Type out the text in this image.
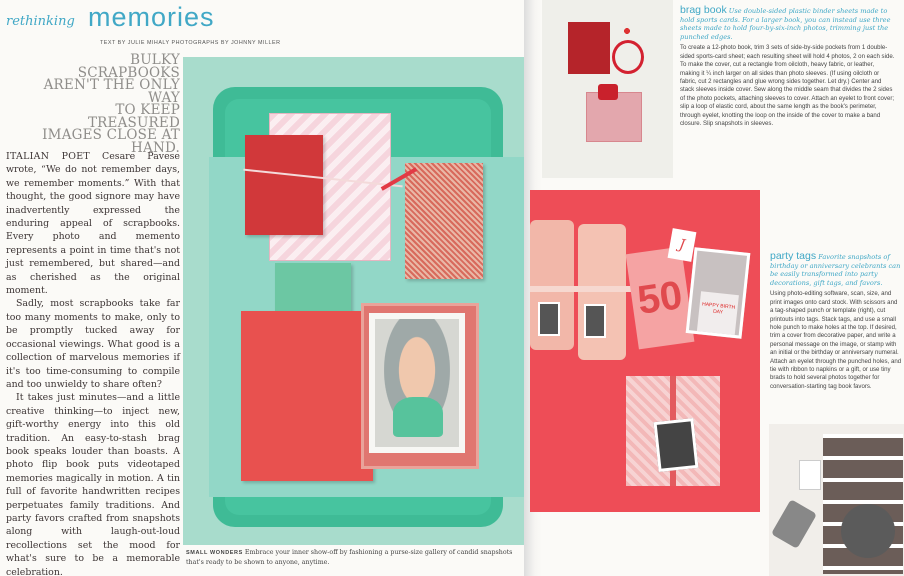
rethinking memories
TEXT BY JULIE MIHALY PHOTOGRAPHS BY JOHNNY MILLER
BULKY SCRAPBOOKS
AREN'T THE ONLY WAY
TO KEEP TREASURED
IMAGES CLOSE AT HAND.

ITALIAN POET Cesare Pavese wrote, “We do not remember days, we remember moments.” With that thought, the good signore may have inadvertently expressed the enduring appeal of scrapbooks. Every photo and memento represents a point in time that's not just remembered, but shared—and as cherished as the original moment.

Sadly, most scrapbooks take far too many moments to make, only to be promptly tucked away for occasional viewings. What good is a collection of marvelous memories if it's too time-consuming to compile and too unwieldy to share often?

It takes just minutes—and a little creative thinking—to inject new, gift-worthy energy into this old tradition. An easy-to-stash brag book speaks louder than boasts. A photo flip book puts videotaped memories magically in motion. A tin full of favorite handwritten recipes perpetuates family traditions. And party favors crafted from snapshots along with laugh-out-loud recollections set the mood for what's sure to be a memorable celebration.

SMALL WONDERS Embrace your inner show-off by fashioning a purse-size gallery of candid snapshots that's ready to be shown to anyone, anytime.
brag book Use double-sided plastic binder sheets made to hold sports cards. For a larger book, you can instead use three sheets made to hold four-by-six-inch photos, trimming just the punched edges.
To create a 12-photo book, trim 3 sets of side-by-side pockets from 1 double-sided sports-card sheet; each resulting sheet will hold 4 photos, 2 on each side. To make the cover, cut a rectangle from oilcloth, heavy fabric, or leather, making it ¼ inch larger on all sides than photo sleeves. (If using oilcloth or fabric, cut 2 rectangles and glue wrong sides together. Let dry.) Center and stack sleeves inside cover. Sew along the middle seam that divides the 2 sides of the photo pockets, attaching sleeves to cover. Attach an eyelet to front cover; slip a loop of elastic cord, about the same length as the book's perimeter, through eyelet, knotting the loop on the inside of the cover to make a band closure. Slip snapshots in sleeves.
50
J
HAPPY BIRTH DAY
party tags Favorite snapshots of birthday or anniversary celebrants can be easily transformed into party decorations, gift tags, and favors.
Using photo-editing software, scan, size, and print images onto card stock. With scissors and a tag-shaped punch or template (right), cut printouts into tags. Stack tags, and use a small hole punch to make holes at the top. If desired, trim a cover from decorative paper, and write a personal message on the image, or stamp with an initial or the birthday or anniversary numeral. Attach an eyelet through the punched holes, and tie with ribbon to napkins or a gift, or use tiny brads to hold several photos together for conversation-starting tag book favors.
